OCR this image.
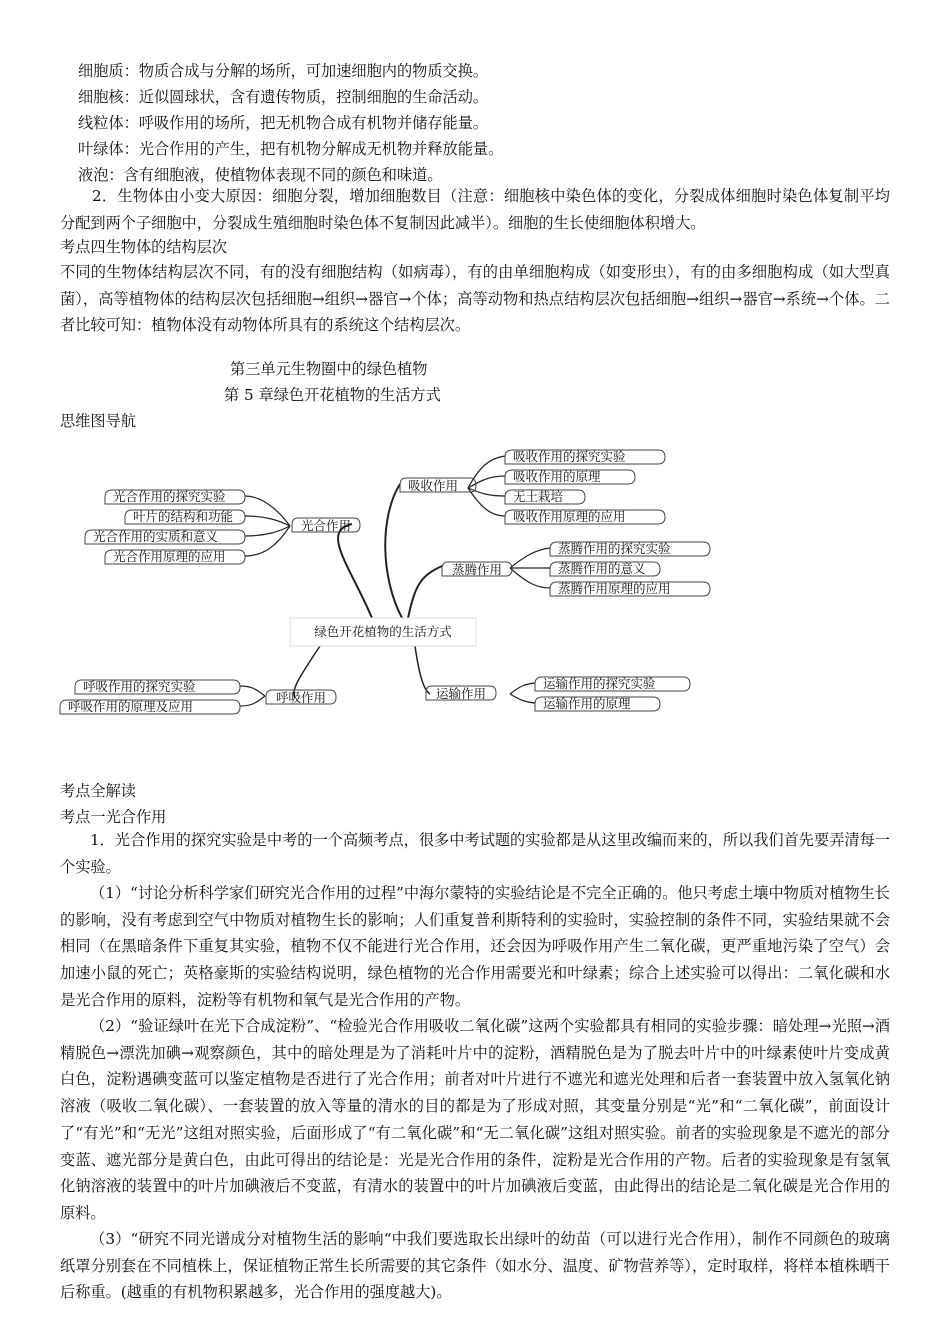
细胞质：物质合成与分解的场所，可加速细胞内的物质交换。
细胞核：近似圆球状，含有遗传物质，控制细胞的生命活动。
线粒体：呼吸作用的场所，把无机物合成有机物并储存能量。
叶绿体：光合作用的产生，把有机物分解成无机物并释放能量。
液泡：含有细胞液，使植物体表现不同的颜色和味道。
2．生物体由小变大原因：细胞分裂，增加细胞数目（注意：细胞核中染色体的变化，分裂成体细胞时染色体复制平均分配到两个子细胞中，分裂成生殖细胞时染色体不复制因此减半）。细胞的生长使细胞体积增大。
考点四生物体的结构层次
不同的生物体结构层次不同，有的没有细胞结构（如病毒），有的由单细胞构成（如变形虫），有的由多细胞构成（如大型真菌），高等植物体的结构层次包括细胞→组织→器官→个体；高等动物和热点结构层次包括细胞→组织→器官→系统→个体。二者比较可知：植物体没有动物体所具有的系统这个结构层次。
第三单元生物圈中的绿色植物
第 5 章绿色开花植物的生活方式
思维图导航
绿色开花植物的生活方式
吸收作用
光合作用
蒸腾作用
呼吸作用	运输作用
吸收作用的探究实验
吸收作用的原理
无土栽培
吸收作用原理的应用
光合作用的探究实验
叶片的结构和功能
光合作用的实质和意义
光合作用原理的应用
蒸腾作用的探究实验
蒸腾作用的意义
蒸腾作用原理的应用
呼吸作用的探究实验
呼吸作用的原理及应用
运输作用的探究实验
运输作用的原理
考点全解读
考点一光合作用
1．光合作用的探究实验是中考的一个高频考点，很多中考试题的实验都是从这里改编而来的，所以我们首先要弄清每一个实验。
（1）“讨论分析科学家们研究光合作用的过程”中海尔蒙特的实验结论是不完全正确的。他只考虑土壤中物质对植物生长的影响，没有考虑到空气中物质对植物生长的影响；人们重复普利斯特利的实验时，实验控制的条件不同，实验结果就不会相同（在黑暗条件下重复其实验，植物不仅不能进行光合作用，还会因为呼吸作用产生二氧化碳，更严重地污染了空气）会加速小鼠的死亡；英格豪斯的实验结构说明，绿色植物的光合作用需要光和叶绿素；综合上述实验可以得出：二氧化碳和水是光合作用的原料，淀粉等有机物和氧气是光合作用的产物。
（2）“验证绿叶在光下合成淀粉”、“检验光合作用吸收二氧化碳”这两个实验都具有相同的实验步骤：暗处理→光照→酒精脱色→漂洗加碘→观察颜色，其中的暗处理是为了消耗叶片中的淀粉，酒精脱色是为了脱去叶片中的叶绿素使叶片变成黄白色，淀粉遇碘变蓝可以鉴定植物是否进行了光合作用；前者对叶片进行不遮光和遮光处理和后者一套装置中放入氢氧化钠溶液（吸收二氧化碳）、一套装置的放入等量的清水的目的都是为了形成对照，其变量分别是“光”和“二氧化碳”，前面设计了“有光”和“无光”这组对照实验，后面形成了“有二氧化碳”和“无二氧化碳”这组对照实验。前者的实验现象是不遮光的部分变蓝、遮光部分是黄白色，由此可得出的结论是：光是光合作用的条件，淀粉是光合作用的产物。后者的实验现象是有氢氧化钠溶液的装置中的叶片加碘液后不变蓝，有清水的装置中的叶片加碘液后变蓝，由此得出的结论是二氧化碳是光合作用的原料。
（3）“研究不同光谱成分对植物生活的影响“中我们要选取长出绿叶的幼苗（可以进行光合作用），制作不同颜色的玻璃纸罩分别套在不同植株上，保证植物正常生长所需要的其它条件（如水分、温度、矿物营养等），定时取样，将样本植株晒干后称重。(越重的有机物积累越多，光合作用的强度越大)。
